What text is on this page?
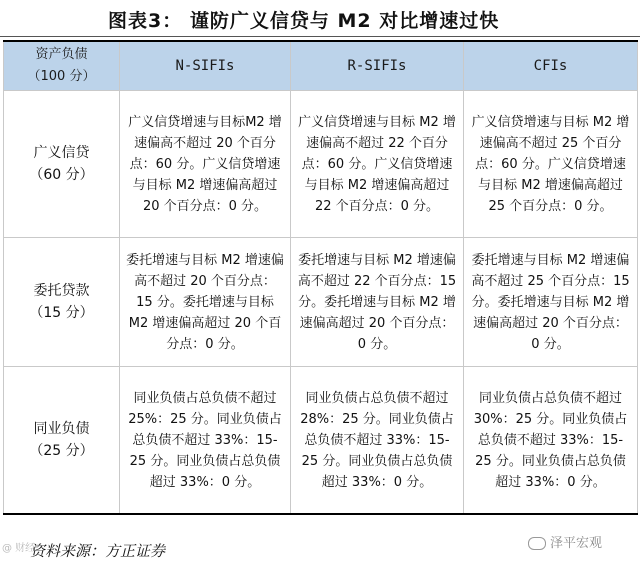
图表3： 谨防广义信贷与 M2 对比增速过快
资产负债
（100 分）	N-SIFIs	R-SIFIs	CFIs
广义信贷
（60 分）	广义信贷增速与目标M2 增速偏高不超过 20 个百分点：60 分。广义信贷增速与目标 M2 增速偏高超过 20 个百分点：0 分。	广义信贷增速与目标 M2 增速偏高不超过 22 个百分点：60 分。广义信贷增速与目标 M2 增速偏高超过 22 个百分点：0 分。	广义信贷增速与目标 M2 增速偏高不超过 25 个百分点：60 分。广义信贷增速与目标 M2 增速偏高超过 25 个百分点：0 分。
委托贷款
（15 分）	委托增速与目标 M2 增速偏高不超过 20 个百分点：15 分。委托增速与目标 M2 增速偏高超过 20 个百分点：0 分。	委托增速与目标 M2 增速偏高不超过 22 个百分点：15 分。委托增速与目标 M2 增速偏高超过 20 个百分点：0 分。	委托增速与目标 M2 增速偏高不超过 25 个百分点：15 分。委托增速与目标 M2 增速偏高超过 20 个百分点：0 分。
同业负债
（25 分）	同业负债占总负债不超过 25%：25 分。同业负债占总负债不超过 33%：15-25 分。同业负债占总负债超过 33%：0 分。	同业负债占总负债不超过 28%：25 分。同业负债占总负债不超过 33%：15-25 分。同业负债占总负债超过 33%：0 分。	同业负债占总负债不超过 30%：25 分。同业负债占总负债不超过 33%：15-25 分。同业负债占总负债超过 33%：0 分。
@ 财经
资料来源：方正证券	泽平宏观
